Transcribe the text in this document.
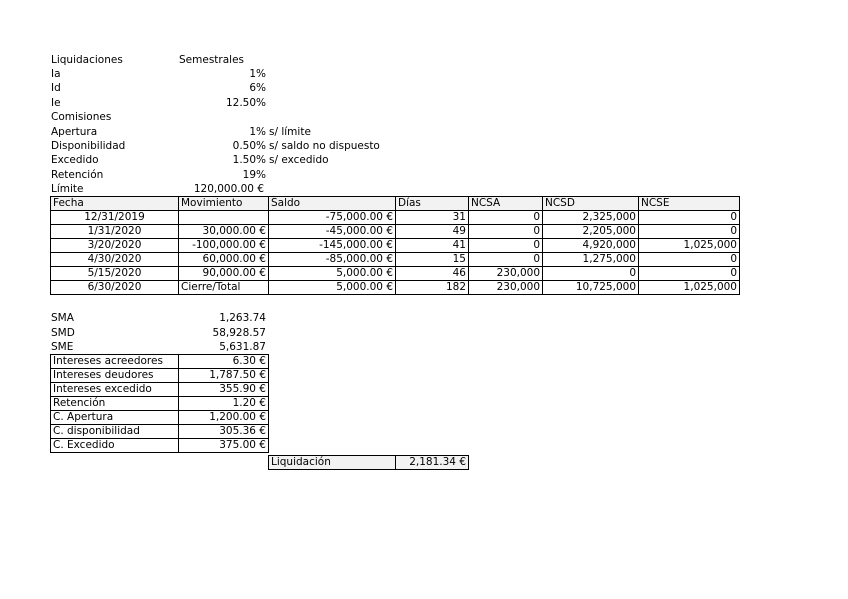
Liquidaciones	Semestrales
Ia	1%
Id	6%
Ie	12.50%
Comisiones
Apertura	1% s/ límite
Disponibilidad	0.50% s/ saldo no dispuesto
Excedido	1.50% s/ excedido
Retención	19%
Límite	120,000.00 €
Fecha	Movimiento	Saldo	Días	NCSA	NCSD	NCSE
12/31/2019		-75,000.00 €	31	0	2,325,000	0
1/31/2020	30,000.00 €	-45,000.00 €	49	0	2,205,000	0
3/20/2020	-100,000.00 €	-145,000.00 €	41	0	4,920,000	1,025,000
4/30/2020	60,000.00 €	-85,000.00 €	15	0	1,275,000	0
5/15/2020	90,000.00 €	5,000.00 €	46	230,000	0	0
6/30/2020	Cierre/Total	5,000.00 €	182	230,000	10,725,000	1,025,000
SMA	1,263.74
SMD	58,928.57
SME	5,631.87
Intereses acreedores	6.30 €
Intereses deudores	1,787.50 €
Intereses excedido	355.90 €
Retención	1.20 €
C. Apertura	1,200.00 €
C. disponibilidad	305.36 €
C. Excedido	375.00 €
Liquidación	2,181.34 €
